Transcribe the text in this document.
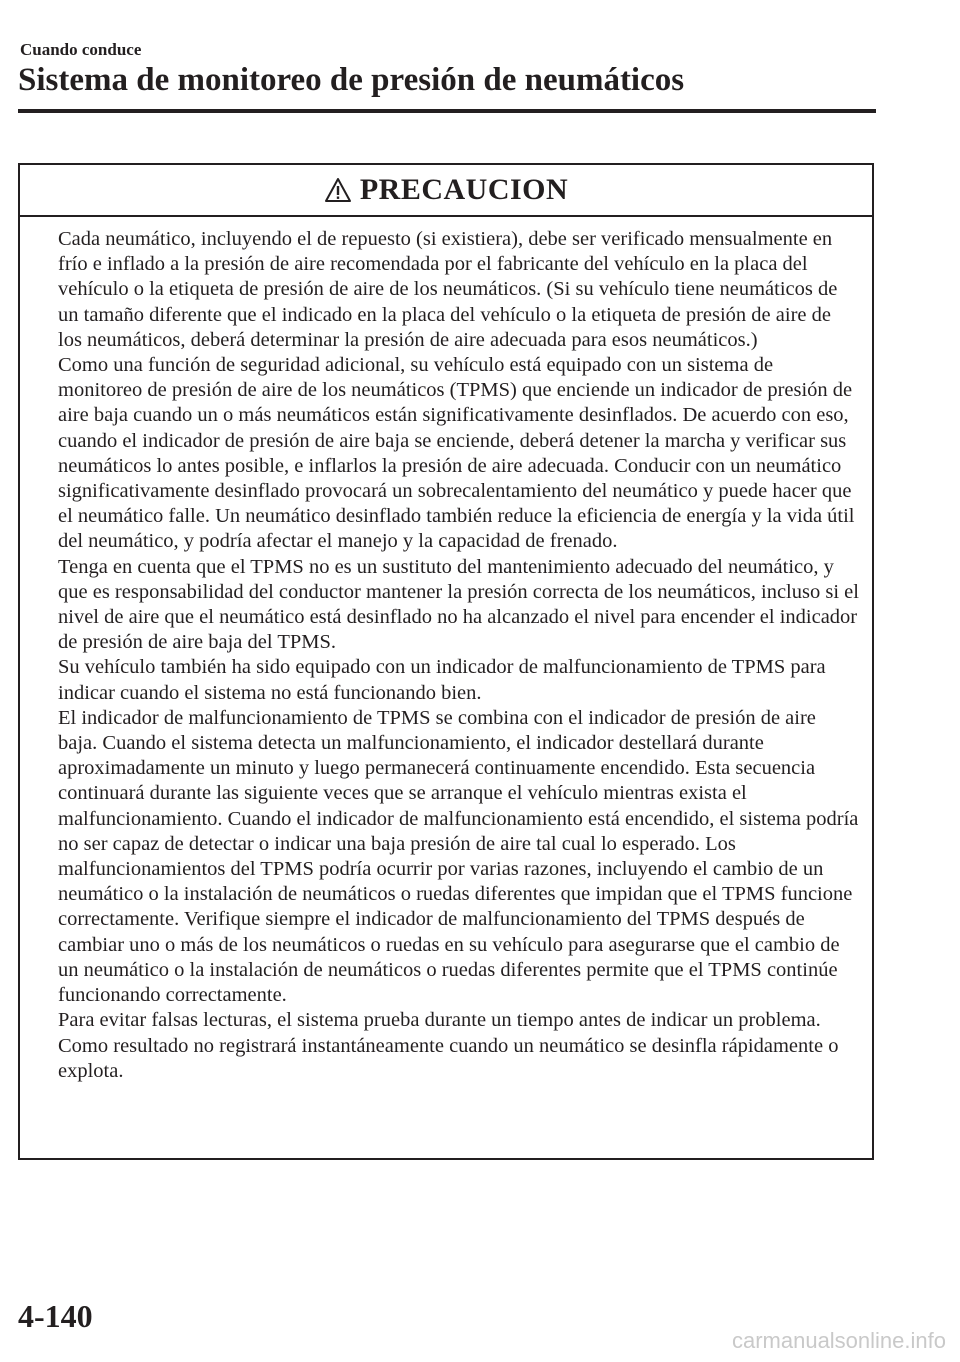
Cuando conduce
Sistema de monitoreo de presión de neumáticos
PRECAUCION

Cada neumático, incluyendo el de repuesto (si existiera), debe ser verificado mensualmente en frío e inflado a la presión de aire recomendada por el fabricante del vehículo en la placa del vehículo o la etiqueta de presión de aire de los neumáticos. (Si su vehículo tiene neumáticos de un tamaño diferente que el indicado en la placa del vehículo o la etiqueta de presión de aire de los neumáticos, deberá determinar la presión de aire adecuada para esos neumáticos.)

Como una función de seguridad adicional, su vehículo está equipado con un sistema de monitoreo de presión de aire de los neumáticos (TPMS) que enciende un indicador de presión de aire baja cuando un o más neumáticos están significativamente desinflados. De acuerdo con eso, cuando el indicador de presión de aire baja se enciende, deberá detener la marcha y verificar sus neumáticos lo antes posible, e inflarlos la presión de aire adecuada. Conducir con un neumático significativamente desinflado provocará un sobrecalentamiento del neumático y puede hacer que el neumático falle. Un neumático desinflado también reduce la eficiencia de energía y la vida útil del neumático, y podría afectar el manejo y la capacidad de frenado.

Tenga en cuenta que el TPMS no es un sustituto del mantenimiento adecuado del neumático, y que es responsabilidad del conductor mantener la presión correcta de los neumáticos, incluso si el nivel de aire que el neumático está desinflado no ha alcanzado el nivel para encender el indicador de presión de aire baja del TPMS.

Su vehículo también ha sido equipado con un indicador de malfuncionamiento de TPMS para indicar cuando el sistema no está funcionando bien.

El indicador de malfuncionamiento de TPMS se combina con el indicador de presión de aire baja. Cuando el sistema detecta un malfuncionamiento, el indicador destellará durante aproximadamente un minuto y luego permanecerá continuamente encendido. Esta secuencia continuará durante las siguiente veces que se arranque el vehículo mientras exista el malfuncionamiento. Cuando el indicador de malfuncionamiento está encendido, el sistema podría no ser capaz de detectar o indicar una baja presión de aire tal cual lo esperado. Los malfuncionamientos del TPMS podría ocurrir por varias razones, incluyendo el cambio de un neumático o la instalación de neumáticos o ruedas diferentes que impidan que el TPMS funcione correctamente. Verifique siempre el indicador de malfuncionamiento del TPMS después de cambiar uno o más de los neumáticos o ruedas en su vehículo para asegurarse que el cambio de un neumático o la instalación de neumáticos o ruedas diferentes permite que el TPMS continúe funcionando correctamente.

Para evitar falsas lecturas, el sistema prueba durante un tiempo antes de indicar un problema. Como resultado no registrará instantáneamente cuando un neumático se desinfla rápidamente o explota.

4-140
carmanualsonline.info
